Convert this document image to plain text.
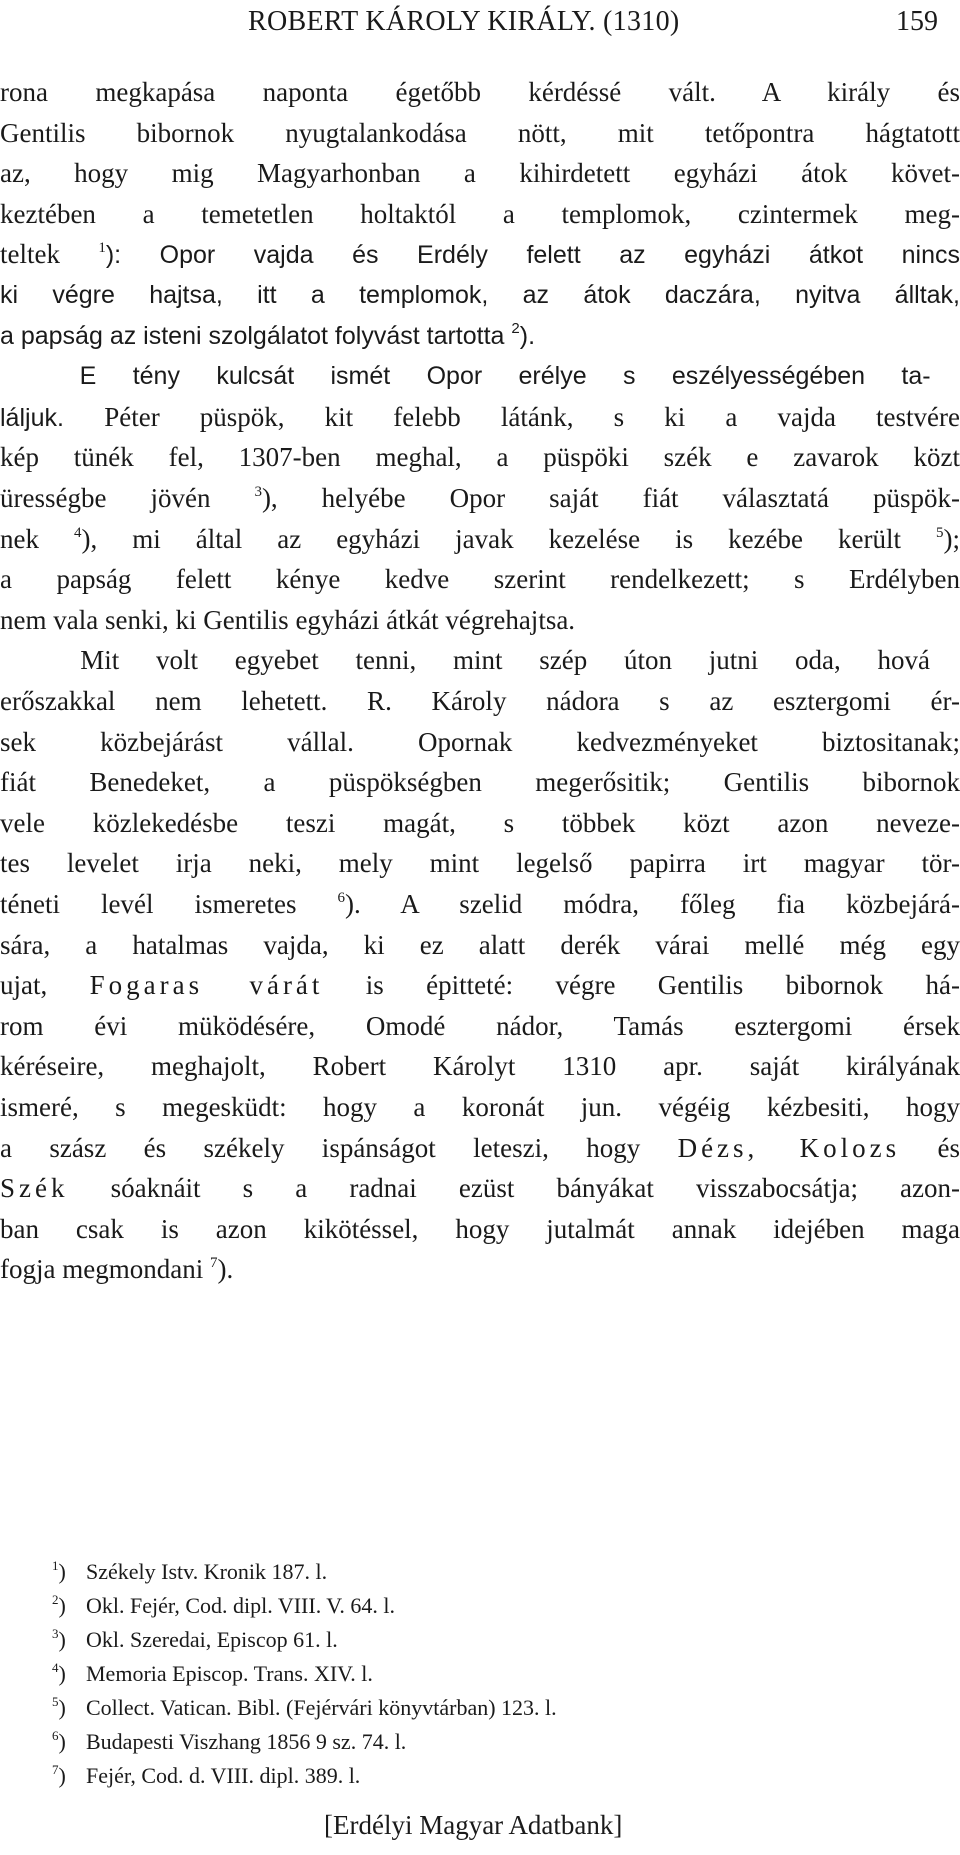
ROBERT KÁROLY KIRÁLY. (1310)	159
rona megkapása naponta égetőbb kérdéssé vált. A király és
Gentilis bibornok nyugtalankodása nött, mit tetőpontra hágtatott
az, hogy mig Magyarhonban a kihirdetett egyházi átok követ-
keztében a temetetlen holtaktól a templomok, czintermek meg-
teltek $^1$): Opor vajda és Erdély felett az egyházi átkot nincs
ki végre hajtsa, itt a templomok, az átok daczára, nyitva álltak,
a papság az isteni szolgálatot folyvást tartotta $^2$).
E tény kulcsát ismét Opor erélye s eszélyességében ta-
láljuk. Péter püspök, kit felebb látánk, s ki a vajda testvére
kép tünék fel, 1307-ben meghal, a püspöki szék e zavarok közt
ürességbe jövén $^3$), helyébe Opor saját fiát választatá püspök-
nek $^4$), mi által az egyházi javak kezelése is kezébe került $^5$);
a papság felett kénye kedve szerint rendelkezett; s Erdélyben
nem vala senki, ki Gentilis egyházi átkát végrehajtsa.
Mit volt egyebet tenni, mint szép úton jutni oda, hová
erőszakkal nem lehetett. R. Károly nádora s az esztergomi ér-
sek közbejárást vállal. Opornak kedvezményeket biztositanak;
fiát Benedeket, a püspökségben megerősitik; Gentilis bibornok
vele közlekedésbe teszi magát, s többek közt azon neveze-
tes levelet irja neki, mely mint legelső papirra irt magyar tör-
téneti levél ismeretes $^6$). A szelid módra, főleg fia közbejárá-
sára, a hatalmas vajda, ki ez alatt derék várai mellé még egy
ujat, Fogaras várát is épitteté: végre Gentilis bibornok há-
rom évi müködésére, Omodé nádor, Tamás esztergomi érsek
kéréseire, meghajolt, Robert Károlyt 1310 apr. saját királyának
ismeré, s megesküdt: hogy a koronát jun. végéig kézbesiti, hogy
a szász és székely ispánságot leteszi, hogy Dézs, Kolozs és
Szék sóaknáit s a radnai ezüst bányákat visszabocsátja; azon-
ban csak is azon kikötéssel, hogy jutalmát annak idejében maga
fogja megmondani $^7$).
$^1$) Székely Istv. Kronik 187. l.
$^2$) Okl. Fejér, Cod. dipl. VIII. V. 64. l.
$^3$) Okl. Szeredai, Episcop 61. l.
$^4$) Memoria Episcop. Trans. XIV. l.
$^5$) Collect. Vatican. Bibl. (Fejérvári könyvtárban) 123. l.
$^6$) Budapesti Viszhang 1856 9 sz. 74. l.
$^7$) Fejér, Cod. d. VIII. dipl. 389. l.
[Erdélyi Magyar Adatbank]
